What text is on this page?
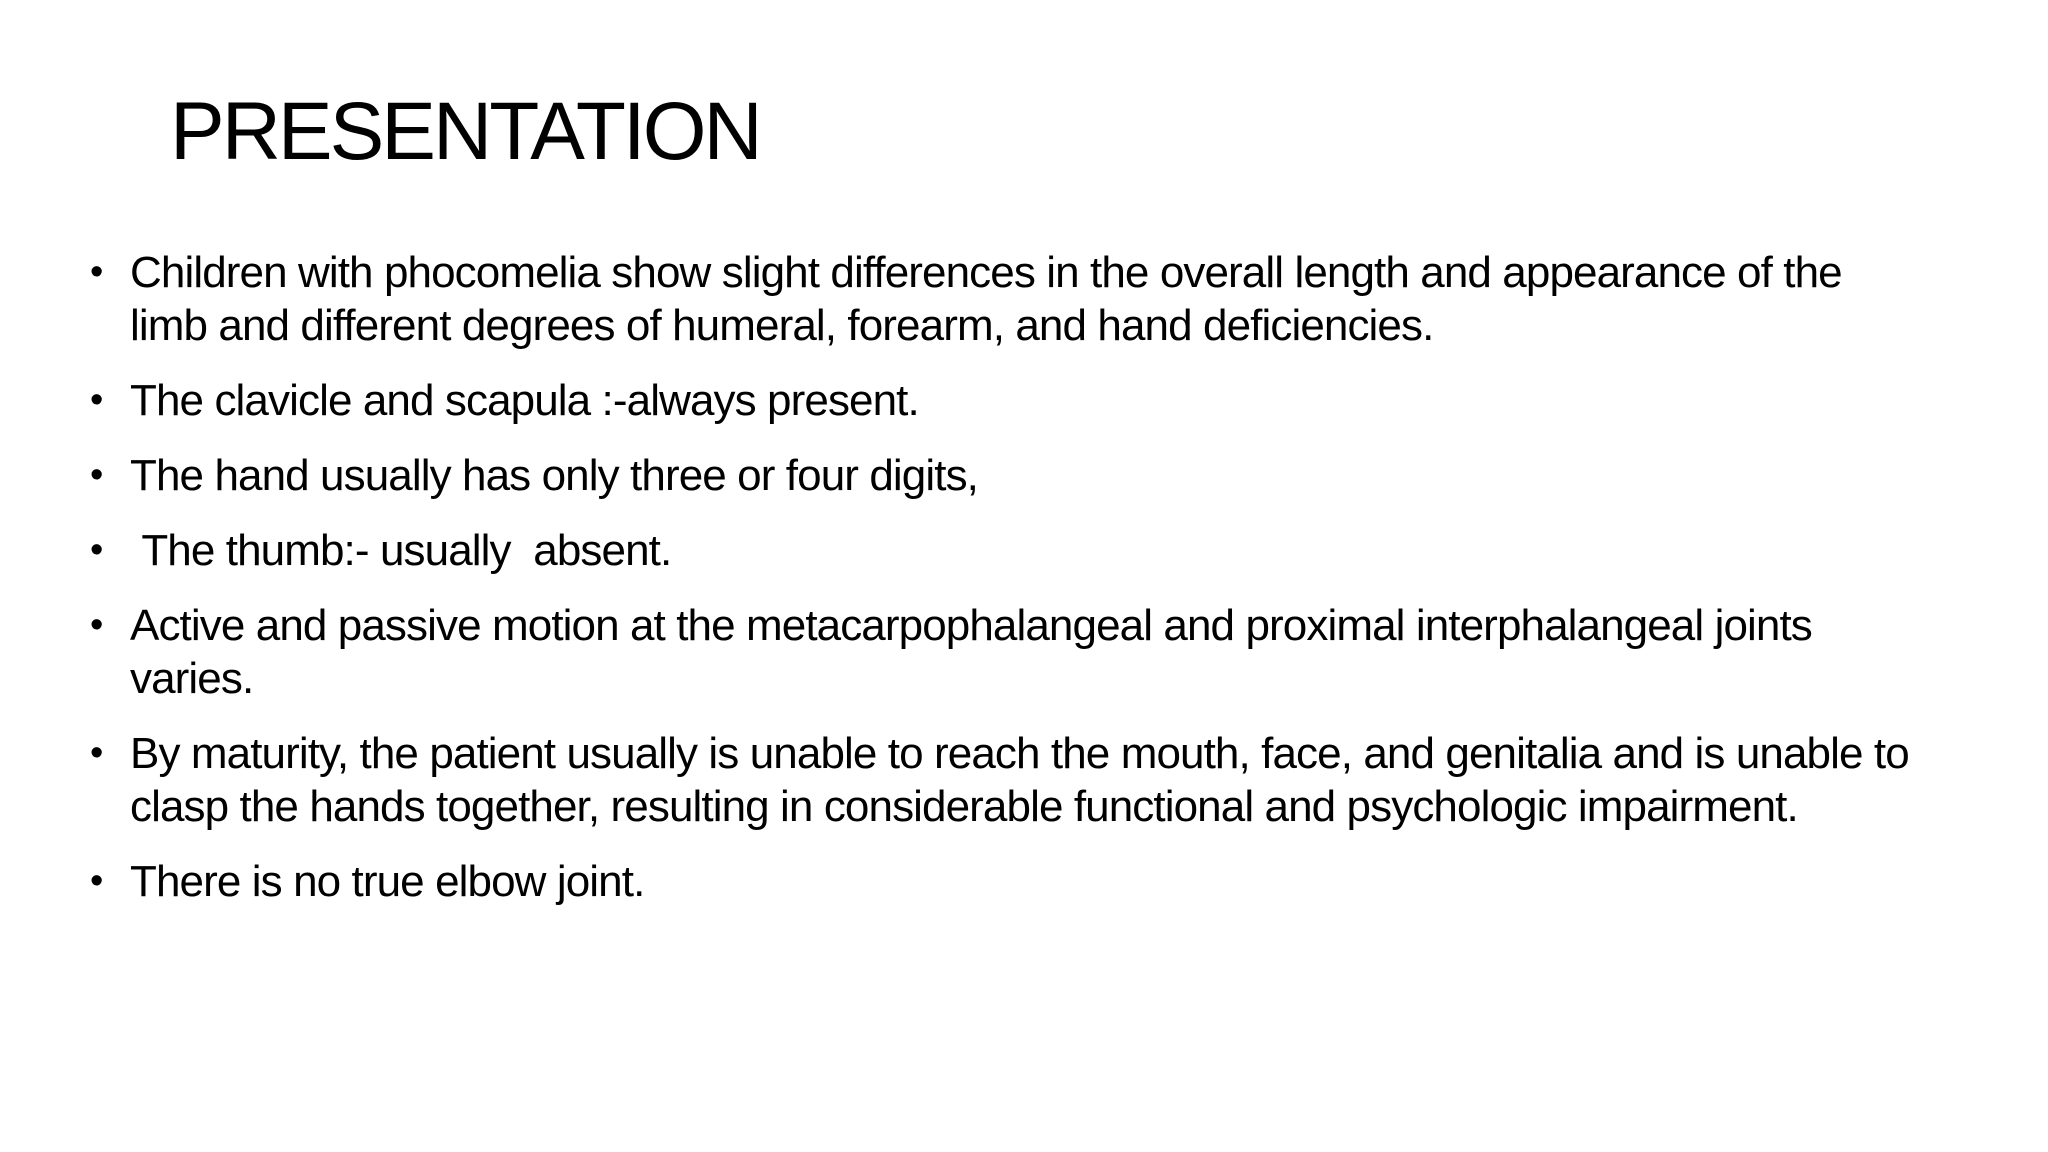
PRESENTATION
• Children with phocomelia show slight differences in the overall length and appearance of the limb and different degrees of humeral, forearm, and hand deficiencies.
• The clavicle and scapula :-always present.
• The hand usually has only three or four digits,
• The thumb:- usually  absent.
• Active and passive motion at the metacarpophalangeal and proximal interphalangeal joints varies.
• By maturity, the patient usually is unable to reach the mouth, face, and genitalia and is unable to clasp the hands together, resulting in considerable functional and psychologic impairment.
• There is no true elbow joint.
